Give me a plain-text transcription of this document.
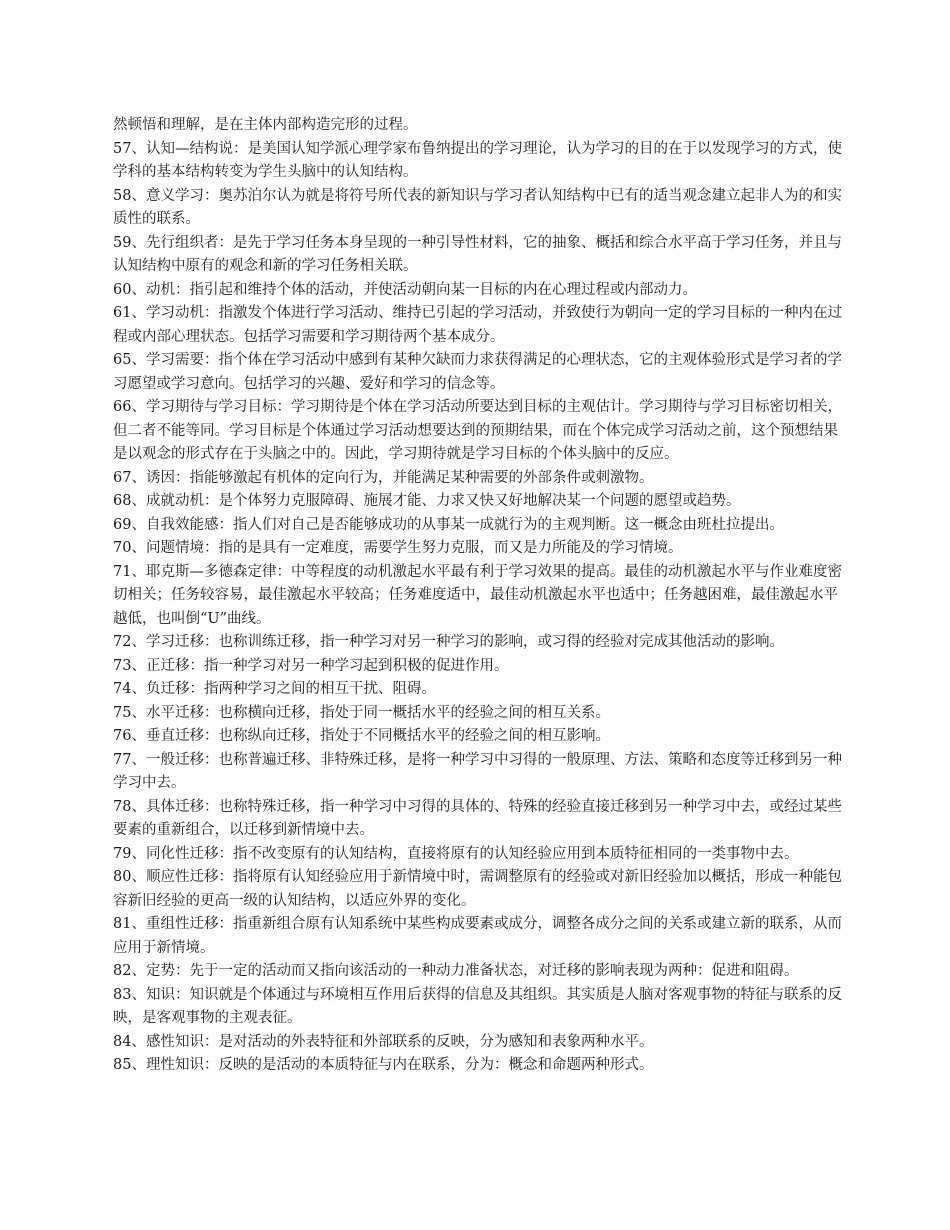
然顿悟和理解，是在主体内部构造完形的过程。
57、认知—结构说：是美国认知学派心理学家布鲁纳提出的学习理论，认为学习的目的在于以发现学习的方式，使
学科的基本结构转变为学生头脑中的认知结构。
58、意义学习：奥苏泊尔认为就是将符号所代表的新知识与学习者认知结构中已有的适当观念建立起非人为的和实
质性的联系。
59、先行组织者：是先于学习任务本身呈现的一种引导性材料，它的抽象、概括和综合水平高于学习任务，并且与
认知结构中原有的观念和新的学习任务相关联。
60、动机：指引起和维持个体的活动，并使活动朝向某一目标的内在心理过程或内部动力。
61、学习动机：指激发个体进行学习活动、维持已引起的学习活动，并致使行为朝向一定的学习目标的一种内在过
程或内部心理状态。包括学习需要和学习期待两个基本成分。
65、学习需要：指个体在学习活动中感到有某种欠缺而力求获得满足的心理状态，它的主观体验形式是学习者的学
习愿望或学习意向。包括学习的兴趣、爱好和学习的信念等。
66、学习期待与学习目标：学习期待是个体在学习活动所要达到目标的主观估计。学习期待与学习目标密切相关，
但二者不能等同。学习目标是个体通过学习活动想要达到的预期结果，而在个体完成学习活动之前，这个预想结果
是以观念的形式存在于头脑之中的。因此，学习期待就是学习目标的个体头脑中的反应。
67、诱因：指能够激起有机体的定向行为，并能满足某种需要的外部条件或刺激物。
68、成就动机：是个体努力克服障碍、施展才能、力求又快又好地解决某一个问题的愿望或趋势。
69、自我效能感：指人们对自己是否能够成功的从事某一成就行为的主观判断。这一概念由班杜拉提出。
70、问题情境：指的是具有一定难度，需要学生努力克服，而又是力所能及的学习情境。
71、耶克斯—多德森定律：中等程度的动机激起水平最有利于学习效果的提高。最佳的动机激起水平与作业难度密
切相关；任务较容易，最佳激起水平较高；任务难度适中，最佳动机激起水平也适中；任务越困难，最佳激起水平
越低，也叫倒“U”曲线。
72、学习迁移：也称训练迁移，指一种学习对另一种学习的影响，或习得的经验对完成其他活动的影响。
73、正迁移：指一种学习对另一种学习起到积极的促进作用。
74、负迁移：指两种学习之间的相互干扰、阻碍。
75、水平迁移：也称横向迁移，指处于同一概括水平的经验之间的相互关系。
76、垂直迁移：也称纵向迁移，指处于不同概括水平的经验之间的相互影响。
77、一般迁移：也称普遍迁移、非特殊迁移，是将一种学习中习得的一般原理、方法、策略和态度等迁移到另一种
学习中去。
78、具体迁移：也称特殊迁移，指一种学习中习得的具体的、特殊的经验直接迁移到另一种学习中去，或经过某些
要素的重新组合，以迁移到新情境中去。
79、同化性迁移：指不改变原有的认知结构，直接将原有的认知经验应用到本质特征相同的一类事物中去。
80、顺应性迁移：指将原有认知经验应用于新情境中时，需调整原有的经验或对新旧经验加以概括，形成一种能包
容新旧经验的更高一级的认知结构，以适应外界的变化。
81、重组性迁移：指重新组合原有认知系统中某些构成要素或成分，调整各成分之间的关系或建立新的联系，从而
应用于新情境。
82、定势：先于一定的活动而又指向该活动的一种动力准备状态，对迁移的影响表现为两种：促进和阻碍。
83、知识：知识就是个体通过与环境相互作用后获得的信息及其组织。其实质是人脑对客观事物的特征与联系的反
映，是客观事物的主观表征。
84、感性知识：是对活动的外表特征和外部联系的反映，分为感知和表象两种水平。
85、理性知识：反映的是活动的本质特征与内在联系，分为：概念和命题两种形式。
